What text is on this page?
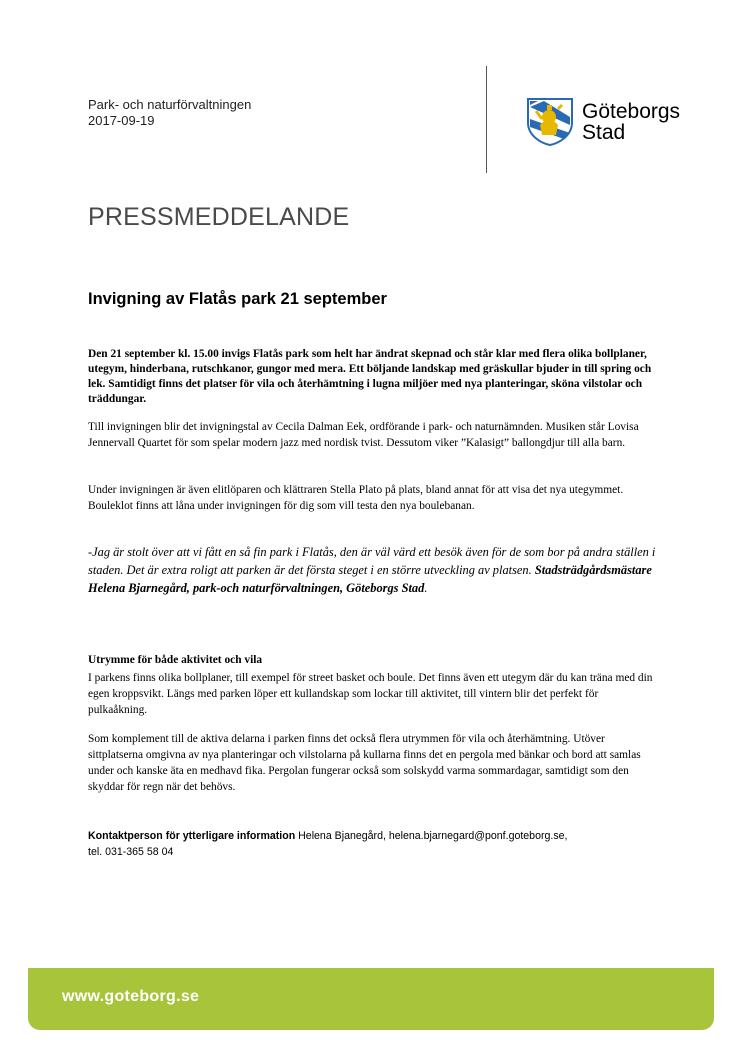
Park- och naturförvaltningen
2017-09-19	Göteborgs
Stad
PRESSMEDDELANDE
Invigning av Flatås park 21 september
Den 21 september kl. 15.00 invigs Flatås park som helt har ändrat skepnad och står klar med flera olika bollplaner, utegym, hinderbana, rutschkanor, gungor med mera. Ett böljande landskap med gräskullar bjuder in till spring och lek. Samtidigt finns det platser för vila och återhämtning i lugna miljöer med nya planteringar, sköna vilstolar och träddungar.
Till invigningen blir det invigningstal av Cecila Dalman Eek, ordförande i park- och naturnämnden. Musiken står Lovisa Jennervall Quartet för som spelar modern jazz med nordisk tvist. Dessutom viker ”Kalasigt” ballongdjur till alla barn.
Under invigningen är även elitlöparen och klättraren Stella Plato på plats, bland annat för att visa det nya utegymmet. Bouleklot finns att låna under invigningen för dig som vill testa den nya boulebanan.
-Jag är stolt över att vi fått en så fin park i Flatås, den är väl värd ett besök även för de som bor på andra ställen i staden. Det är extra roligt att parken är det första steget i en större utveckling av platsen. Stadsträdgårdsmästare Helena Bjarnegård, park-och naturförvaltningen, Göteborgs Stad.
Utrymme för både aktivitet och vila
I parkens finns olika bollplaner, till exempel för street basket och boule. Det finns även ett utegym där du kan träna med din egen kroppsvikt. Längs med parken löper ett kullandskap som lockar till aktivitet, till vintern blir det perfekt för pulkaåkning.
Som komplement till de aktiva delarna i parken finns det också flera utrymmen för vila och återhämtning. Utöver sittplatserna omgivna av nya planteringar och vilstolarna på kullarna finns det en pergola med bänkar och bord att samlas under och kanske äta en medhavd fika. Pergolan fungerar också som solskydd varma sommardagar, samtidigt som den skyddar för regn när det behövs.
Kontaktperson för ytterligare information Helena Bjanegård, helena.bjarnegard@ponf.goteborg.se,
tel. 031-365 58 04
www.goteborg.se
